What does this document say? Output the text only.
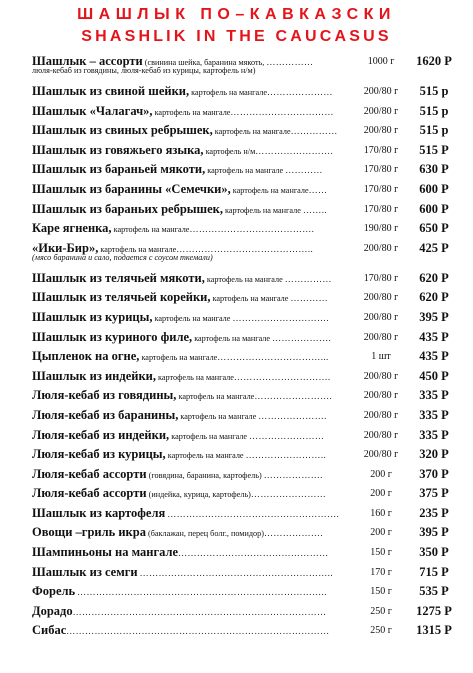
ШАШЛЫК ПО–КАВКАЗСКИ
SHASHLIK IN THE CAUCASUS
Шашлык – ассорти (свинина шейка, баранина мякоть, ……………
люля-кебаб из говядины, люля-кебаб из курицы, картофель н/м)
1000 г	1620 Р
Шашлык из свиной шейки, картофель на мангале…………………	200/80 г	515 р
Шашлык «Чалагач», картофель на мангале……………………………	200/80 г	515 р
Шашлык из свиных ребрышек, картофель на мангале……………	200/80 г	515 р
Шашлык из говяжьего языка, картофель н/м…………………….	170/80 г	515 Р
Шашлык из бараньей мякоти, картофель на мангале …………	170/80 г	630 Р
Шашлык из баранины «Семечки», картофель на мангале……	170/80 г	600 Р
Шашлык из бараньих ребрышек, картофель на мангале ……..	170/80 г	600 Р
Каре ягненка, картофель на мангале………………………………….	190/80 г	650 Р
«Ики-Бир», картофель на мангале……………………………………..
(мясо баранина и сало, подается с соусом ткемали)
200/80 г	425 Р
Шашлык из телячьей мякоти, картофель на мангале ……………	170/80 г	620 Р
Шашлык из телячьей корейки, картофель на мангале …………	200/80 г	620 Р
Шашлык из курицы, картофель на мангале ………………………….	200/80 г	395 Р
Шашлык из куриного филе, картофель на мангале ……………….	200/80 г	435 Р
Цыпленок на огне, картофель на мангале……………………………...	1 шт	435 Р
Шашлык из индейки, картофель на мангале………………………….	200/80 г	450 Р
Люля-кебаб из говядины, картофель на мангале…………………….	200/80 г	335 Р
Люля-кебаб из баранины, картофель на мангале ………………….	200/80 г	335 Р
Люля-кебаб из индейки, картофель на мангале ……………………	200/80 г	335 Р
Люля-кебаб из курицы, картофель на мангале ……………………..	200/80 г	320 Р
Люля-кебаб ассорти (говядина, баранина, картофель) ……………….	200 г	370 Р
Люля-кебаб ассорти (индейка, курица, картофель)……………………	200 г	375 Р
Шашлык из картофеля ……………………………………………….	160 г	235 Р
Овощи –гриль икра (баклажан, перец болг., помидор)……………….	200 г	395 Р
Шампиньоны на мангале…………………………………………	150 г	350 Р
Шашлык из семги ……………………………………………………..	170 г	715 Р
Форель ……………………………………………………………………..	150 г	535 Р
Дорадо………………………………………………………………………	250 г	1275 Р
Сибас…………………………………………………………………………	250 г	1315 Р
